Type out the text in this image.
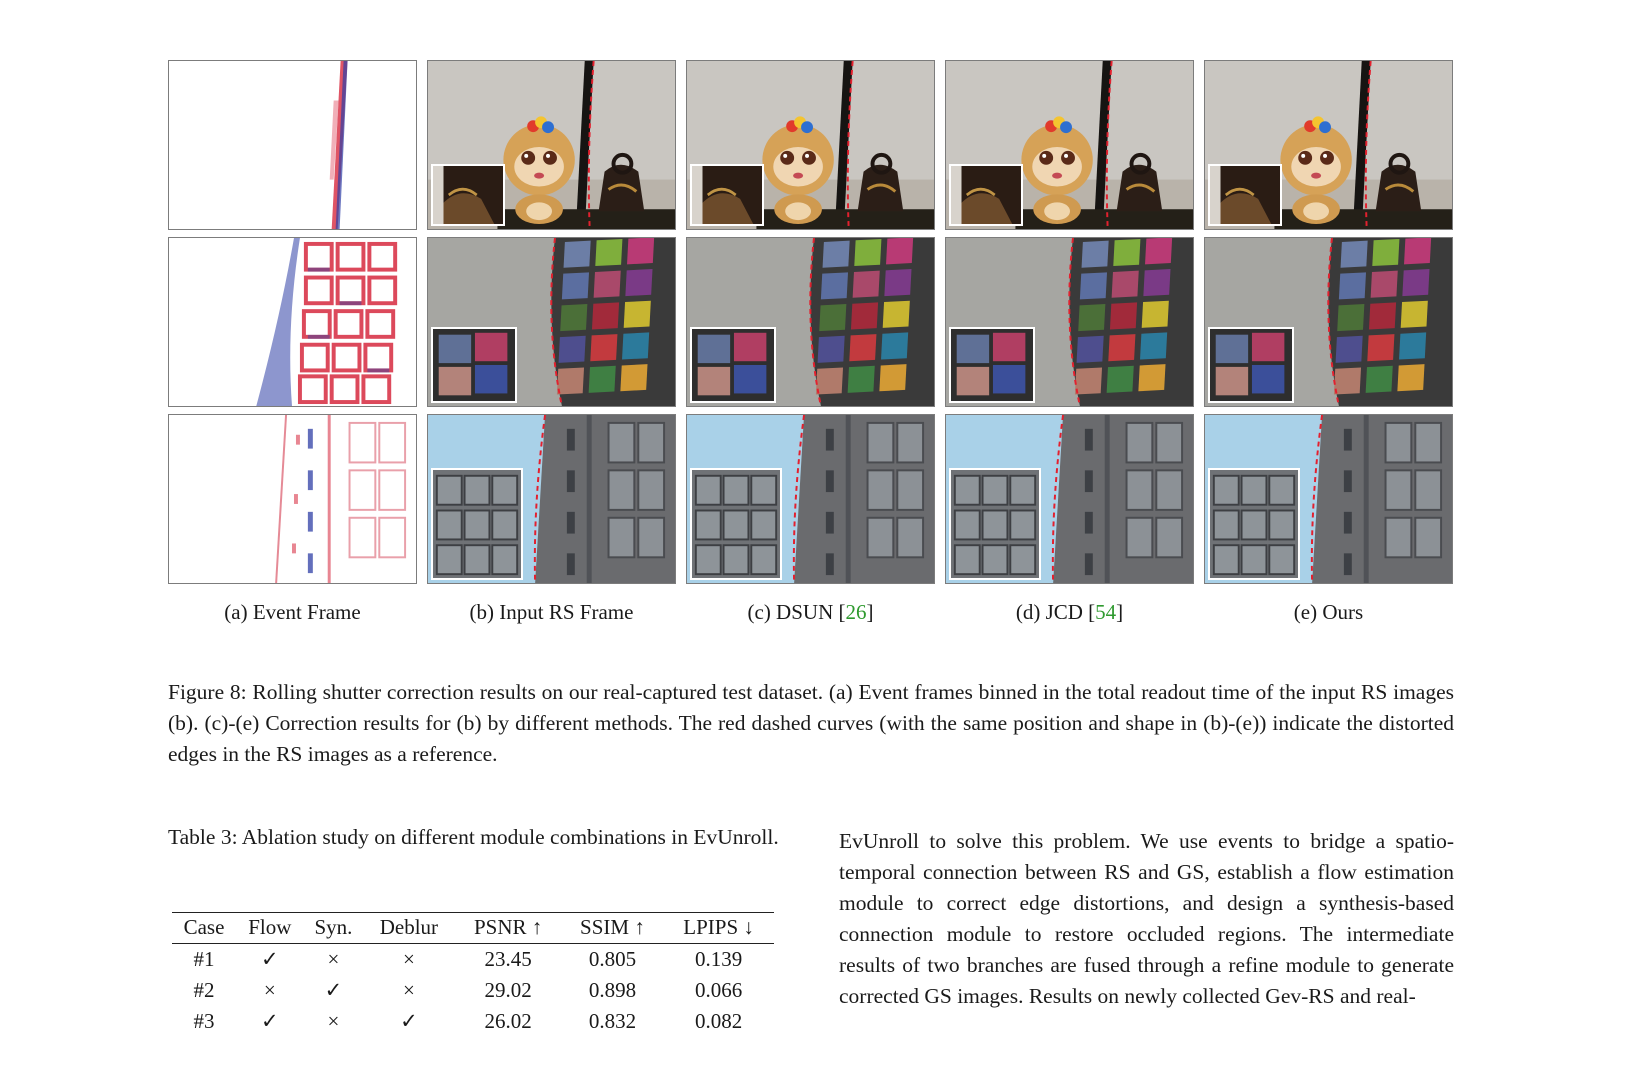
(a) Event Frame	(b) Input RS Frame	(c) DSUN [26]	(d) JCD [54]	(e) Ours
Figure 8: Rolling shutter correction results on our real-captured test dataset. (a) Event frames binned in the total readout time of the input RS images (b). (c)-(e) Correction results for (b) by different methods. The red dashed curves (with the same position and shape in (b)-(e)) indicate the distorted edges in the RS images as a reference.
Table 3: Ablation study on different module combinations in EvUnroll.
Case	Flow	Syn.	Deblur	PSNR ↑	SSIM ↑	LPIPS ↓
#1	✓	×	×	23.45	0.805	0.139
#2	×	✓	×	29.02	0.898	0.066
#3	✓	×	✓	26.02	0.832	0.082
EvUnroll to solve this problem. We use events to bridge a spatio-temporal connection between RS and GS, establish a flow estimation module to correct edge distortions, and design a synthesis-based connection module to restore occluded regions. The intermediate results of two branches are fused through a refine module to generate corrected GS images. Results on newly collected Gev-RS and real-
